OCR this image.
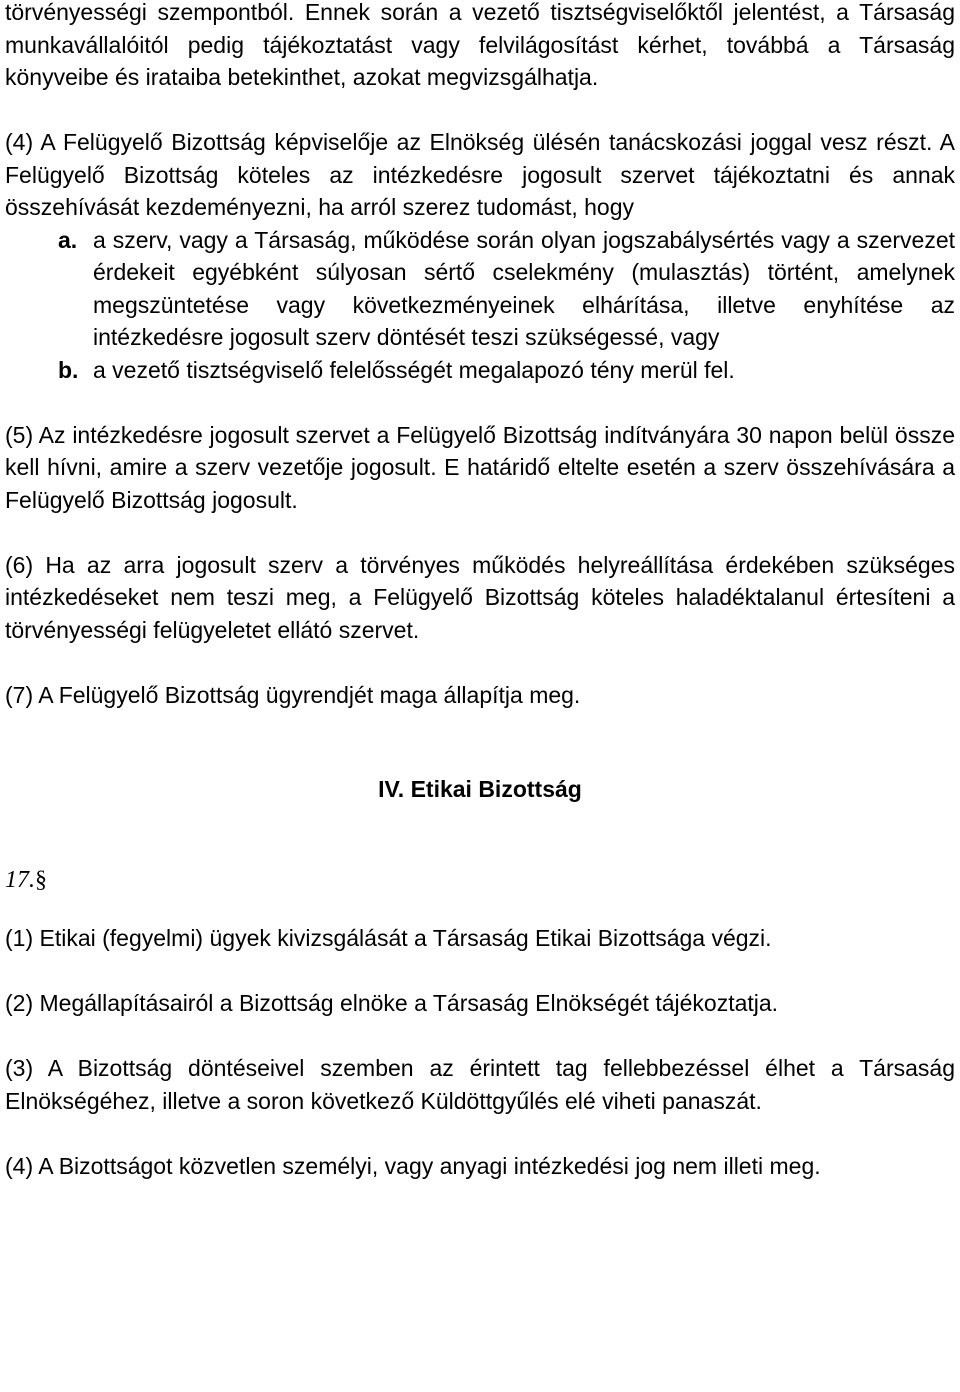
törvényességi szempontból. Ennek során a vezető tisztségviselőktől jelentést, a Társaság munkavállalóitól pedig tájékoztatást vagy felvilágosítást kérhet, továbbá a Társaság könyveibe és irataiba betekinthet, azokat megvizsgálhatja.

(4) A Felügyelő Bizottság képviselője az Elnökség ülésén tanácskozási joggal vesz részt. A Felügyelő Bizottság köteles az intézkedésre jogosult szervet tájékoztatni és annak összehívását kezdeményezni, ha arról szerez tudomást, hogy

a. a szerv, vagy a Társaság, működése során olyan jogszabálysértés vagy a szervezet érdekeit egyébként súlyosan sértő cselekmény (mulasztás) történt, amelynek megszüntetése vagy következményeinek elhárítása, illetve enyhítése az intézkedésre jogosult szerv döntését teszi szükségessé, vagy
b. a vezető tisztségviselő felelősségét megalapozó tény merül fel.

(5) Az intézkedésre jogosult szervet a Felügyelő Bizottság indítványára 30 napon belül össze kell hívni, amire a szerv vezetője jogosult. E határidő eltelte esetén a szerv összehívására a Felügyelő Bizottság jogosult.

(6) Ha az arra jogosult szerv a törvényes működés helyreállítása érdekében szükséges intézkedéseket nem teszi meg, a Felügyelő Bizottság köteles haladéktalanul értesíteni a törvényességi felügyeletet ellátó szervet.

(7) A Felügyelő Bizottság ügyrendjét maga állapítja meg.

IV. Etikai Bizottság

17.§

(1) Etikai (fegyelmi) ügyek kivizsgálását a Társaság Etikai Bizottsága végzi.

(2) Megállapításairól a Bizottság elnöke a Társaság Elnökségét tájékoztatja.

(3) A Bizottság döntéseivel szemben az érintett tag fellebbezéssel élhet a Társaság Elnökségéhez, illetve a soron következő Küldöttgyűlés elé viheti panaszát.

(4) A Bizottságot közvetlen személyi, vagy anyagi intézkedési jog nem illeti meg.
